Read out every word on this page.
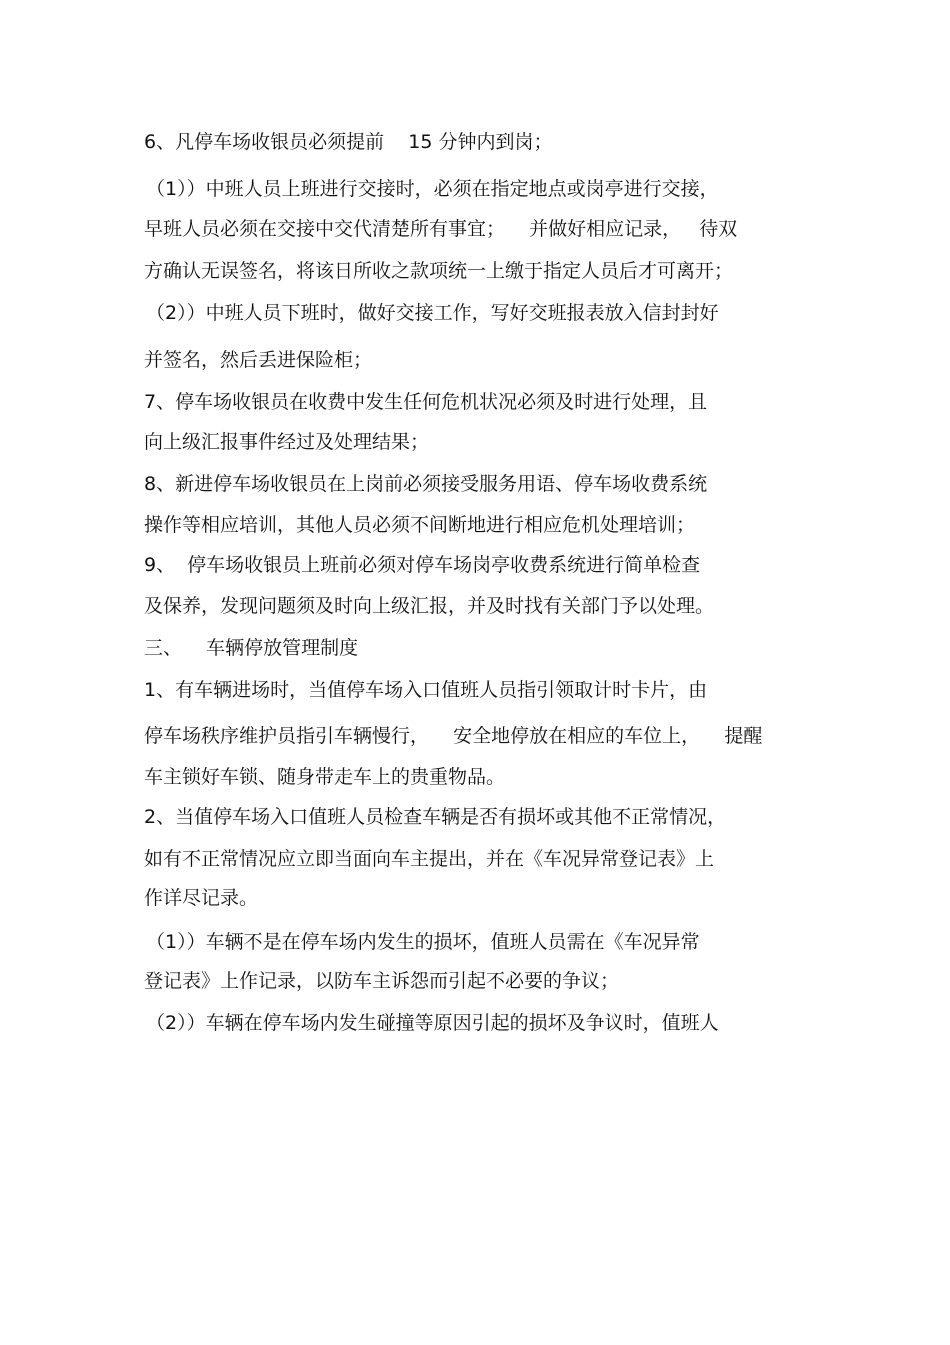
6、凡停车场收银员必须提前    15 分钟内到岗；
（1））中班人员上班进行交接时，必须在指定地点或岗亭进行交接，
早班人员必须在交接中交代清楚所有事宜；    并做好相应记录，   待双
方确认无误签名，将该日所收之款项统一上缴于指定人员后才可离开；
（2））中班人员下班时，做好交接工作，写好交班报表放入信封封好
并签名，然后丢进保险柜；
7、停车场收银员在收费中发生任何危机状况必须及时进行处理，且
向上级汇报事件经过及处理结果；
8、新进停车场收银员在上岗前必须接受服务用语、停车场收费系统
操作等相应培训，其他人员必须不间断地进行相应危机处理培训；
9、  停车场收银员上班前必须对停车场岗亭收费系统进行简单检查
及保养，发现问题须及时向上级汇报，并及时找有关部门予以处理。
三、    车辆停放管理制度
1、有车辆进场时，当值停车场入口值班人员指引领取计时卡片，由
停车场秩序维护员指引车辆慢行，    安全地停放在相应的车位上，    提醒
车主锁好车锁、随身带走车上的贵重物品。
2、当值停车场入口值班人员检查车辆是否有损坏或其他不正常情况，
如有不正常情况应立即当面向车主提出，并在《车况异常登记表》上
作详尽记录。
（1））车辆不是在停车场内发生的损坏，值班人员需在《车况异常
登记表》上作记录，以防车主诉怨而引起不必要的争议；
（2））车辆在停车场内发生碰撞等原因引起的损坏及争议时，值班人
